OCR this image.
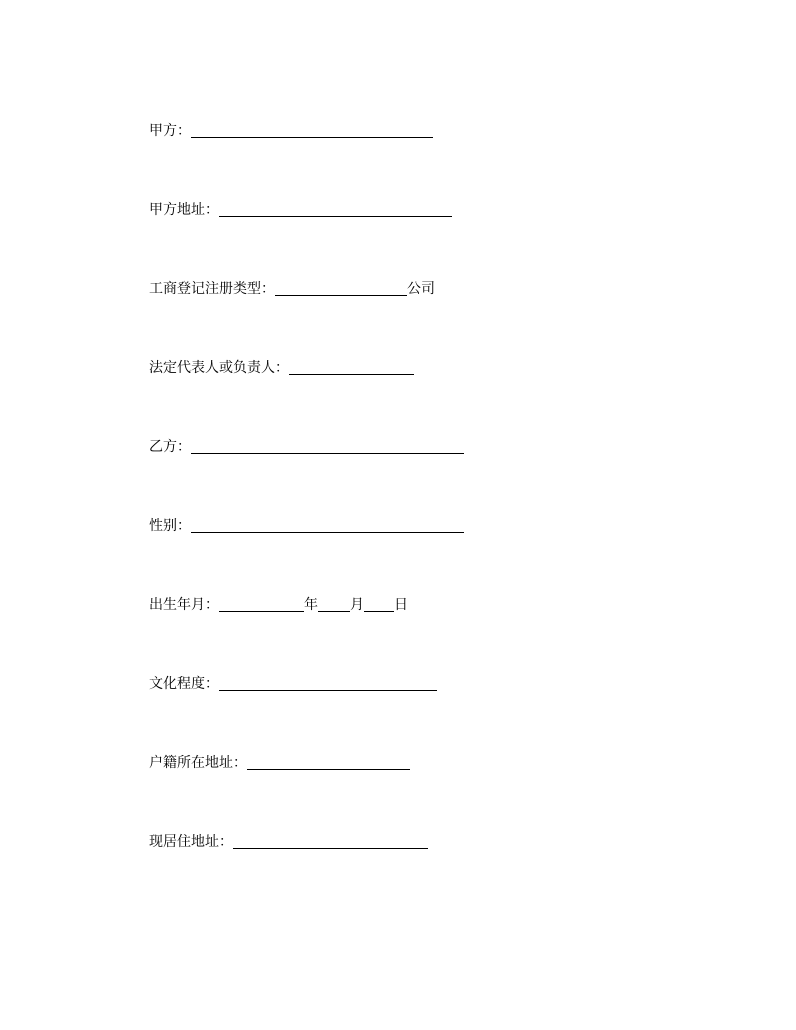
甲方：
甲方地址：
工商登记注册类型：	公司
法定代表人或负责人：
乙方：
性别：
出生年月：	年 月 日
文化程度：
户籍所在地址：
现居住地址：
